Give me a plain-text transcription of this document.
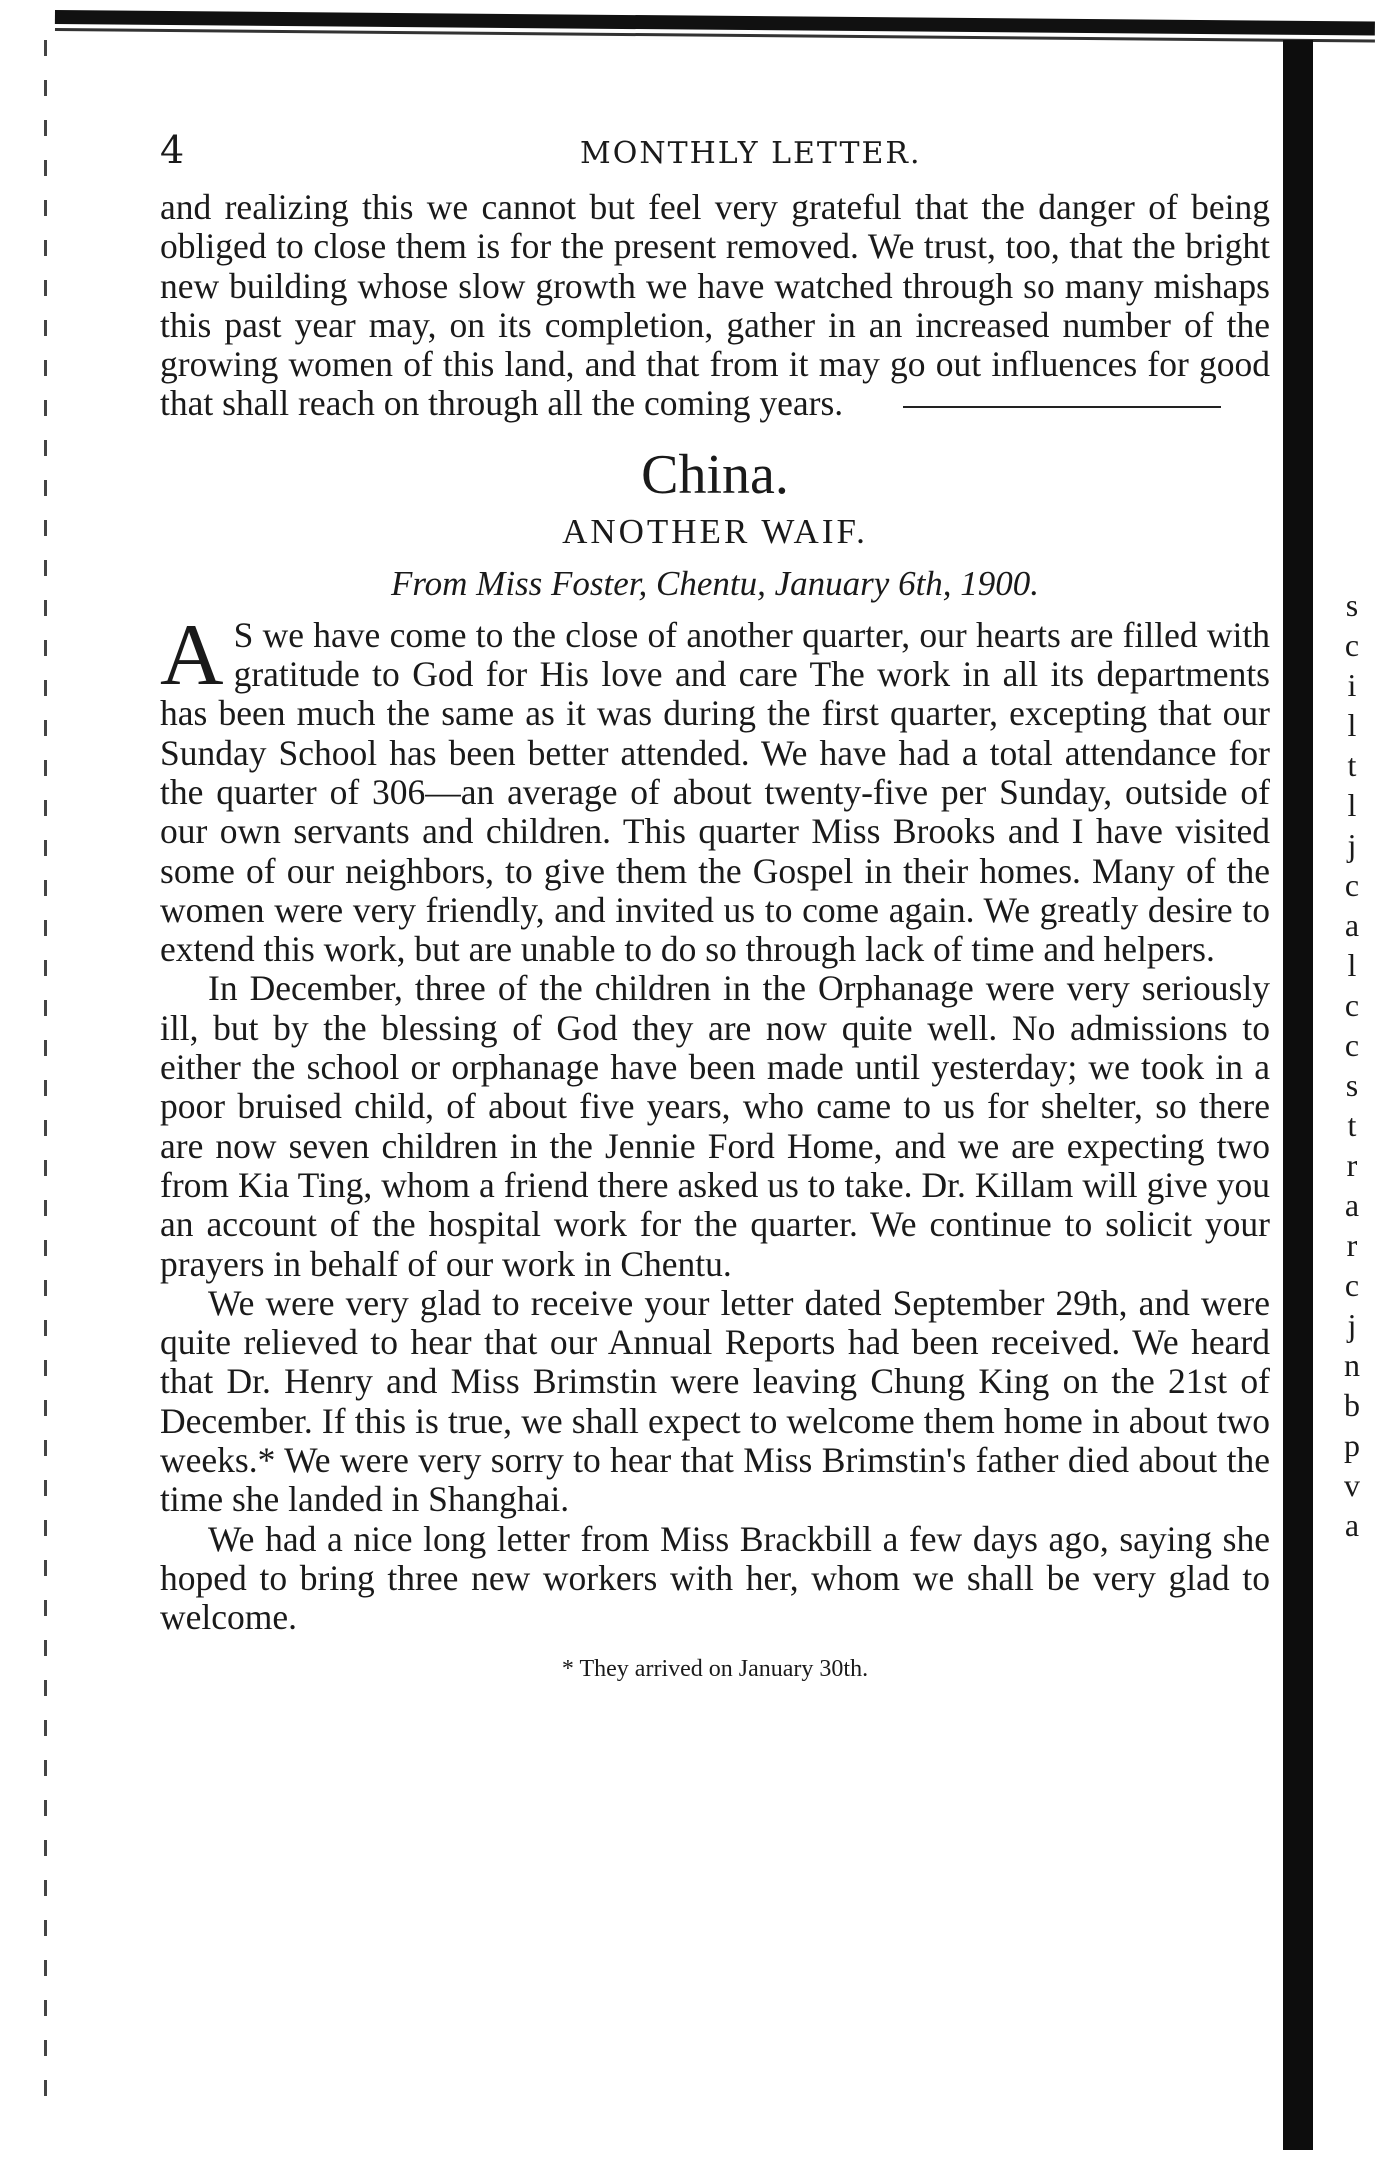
4	MONTHLY LETTER.

and realizing this we cannot but feel very grateful that the danger of being obliged to close them is for the present removed. We trust, too, that the bright new building whose slow growth we have watched through so many mishaps this past year may, on its completion, gather in an increased number of the growing women of this land, and that from it may go out influences for good that shall reach on through all the coming years.

China.
ANOTHER WAIF.
From Miss Foster, Chentu, January 6th, 1900.

A S we have come to the close of another quarter, our hearts are filled with gratitude to God for His love and care The work in all its departments has been much the same as it was during the first quarter, excepting that our Sunday School has been better attended. We have had a total attendance for the quarter of 306—an average of about twenty-five per Sunday, outside of our own servants and children. This quarter Miss Brooks and I have visited some of our neighbors, to give them the Gospel in their homes. Many of the women were very friendly, and invited us to come again. We greatly desire to extend this work, but are unable to do so through lack of time and helpers.

In December, three of the children in the Orphanage were very seriously ill, but by the blessing of God they are now quite well. No admissions to either the school or orphanage have been made until yesterday; we took in a poor bruised child, of about five years, who came to us for shelter, so there are now seven children in the Jennie Ford Home, and we are expecting two from Kia Ting, whom a friend there asked us to take. Dr. Killam will give you an account of the hospital work for the quarter. We continue to solicit your prayers in behalf of our work in Chentu.

We were very glad to receive your letter dated September 29th, and were quite relieved to hear that our Annual Reports had been received. We heard that Dr. Henry and Miss Brimstin were leaving Chung King on the 21st of December. If this is true, we shall expect to welcome them home in about two weeks.* We were very sorry to hear that Miss Brimstin's father died about the time she landed in Shanghai.

We had a nice long letter from Miss Brackbill a few days ago, saying she hoped to bring three new workers with her, whom we shall be very glad to welcome.

* They arrived on January 30th.
s
c
i
l
t
l
j
c
a
l
c
c
s
t
r
a
r
c
j
n
b
p
v
a
